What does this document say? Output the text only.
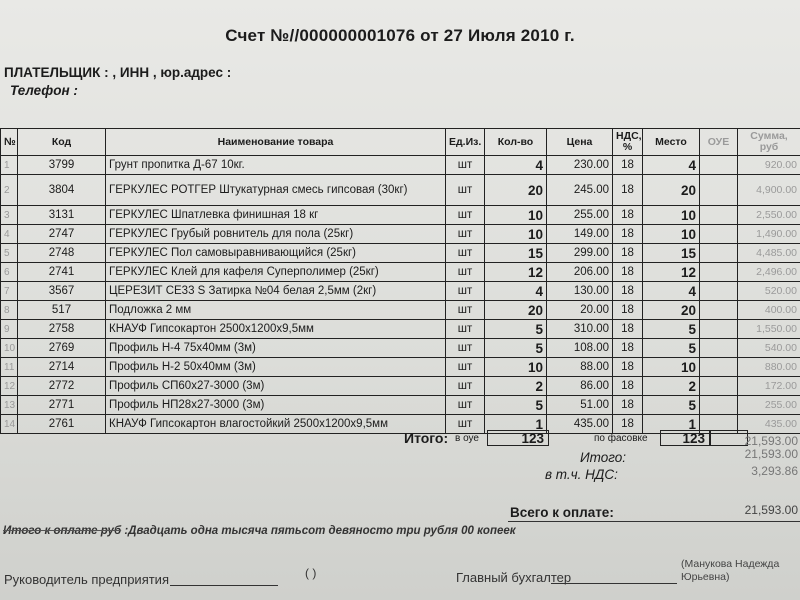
Счет №//000000001076 от 27 Июля 2010 г.
ПЛАТЕЛЬЩИК : , ИНН , юр.адрес :
Телефон :
№	Код	Наименование товара	Ед.Из.	Кол-во	Цена	НДС, %	Место	ОУЕ	Сумма, руб
1	3799	Грунт пропитка Д-67 10кг.	шт	4	230.00	18	4		920.00
2	3804	ГЕРКУЛЕС РОТГЕР Штукатурная смесь гипсовая (30кг)	шт	20	245.00	18	20		4,900.00
3	3131	ГЕРКУЛЕС Шпатлевка финишная 18 кг	шт	10	255.00	18	10		2,550.00
4	2747	ГЕРКУЛЕС Грубый ровнитель для пола (25кг)	шт	10	149.00	18	10		1,490.00
5	2748	ГЕРКУЛЕС Пол самовыравнивающийся (25кг)	шт	15	299.00	18	15		4,485.00
6	2741	ГЕРКУЛЕС Клей для кафеля Суперполимер (25кг)	шт	12	206.00	18	12		2,496.00
7	3567	ЦЕРЕЗИТ СЕ33 S Затирка №04 белая 2,5мм (2кг)	шт	4	130.00	18	4		520.00
8	517	Подложка 2 мм	шт	20	20.00	18	20		400.00
9	2758	КНАУФ Гипсокартон 2500х1200х9,5мм	шт	5	310.00	18	5		1,550.00
10	2769	Профиль Н-4 75х40мм (3м)	шт	5	108.00	18	5		540.00
11	2714	Профиль Н-2 50х40мм (3м)	шт	10	88.00	18	10		880.00
12	2772	Профиль СП60х27-3000 (3м)	шт	2	86.00	18	2		172.00
13	2771	Профиль НП28х27-3000 (3м)	шт	5	51.00	18	5		255.00
14	2761	КНАУФ Гипсокартон влагостойкий 2500х1200х9,5мм	шт	1	435.00	18	1		435.00
Итого: в оуе	123	по фасовке	123	21,593.00
Итого:	21,593.00
в т.ч. НДС:	3,293.86
Всего к оплате:	21,593.00
Итого к оплате руб :Двадцать одна тысяча пятьсот девяносто три рубля 00 копеек
Руководитель предприятия	( )	Главный бухгалтер
(Манукова Надежда Юрьевна)
